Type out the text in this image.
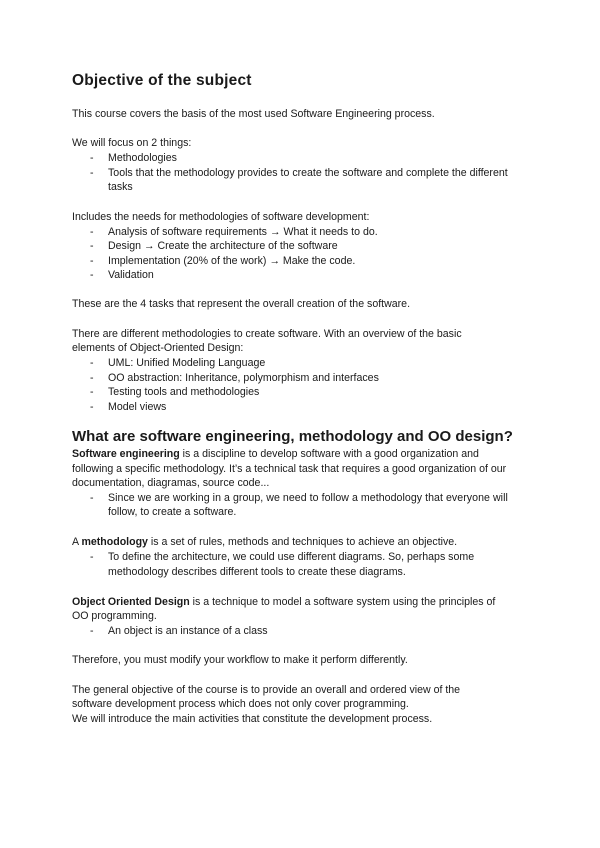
Objective of the subject
This course covers the basis of the most used Software Engineering process.
We will focus on 2 things:
- Methodologies
- Tools that the methodology provides to create the software and complete the different
tasks
Includes the needs for methodologies of software development:
- Analysis of software requirements → What it needs to do.
- Design → Create the architecture of the software
- Implementation (20% of the work) → Make the code.
- Validation
These are the 4 tasks that represent the overall creation of the software.
There are different methodologies to create software. With an overview of the basic
elements of Object-Oriented Design:
- UML: Unified Modeling Language
- OO abstraction: Inheritance, polymorphism and interfaces
- Testing tools and methodologies
- Model views
What are software engineering, methodology and OO design?
Software engineering is a discipline to develop software with a good organization and
following a specific methodology. It’s a technical task that requires a good organization of our
documentation, diagramas, source code...
- Since we are working in a group, we need to follow a methodology that everyone will
follow, to create a software.
A methodology is a set of rules, methods and techniques to achieve an objective.
- To define the architecture, we could use different diagrams. So, perhaps some
methodology describes different tools to create these diagrams.
Object Oriented Design is a technique to model a software system using the principles of
OO programming.
- An object is an instance of a class
Therefore, you must modify your workflow to make it perform differently.
The general objective of the course is to provide an overall and ordered view of the
software development process which does not only cover programming.
We will introduce the main activities that constitute the development process.
